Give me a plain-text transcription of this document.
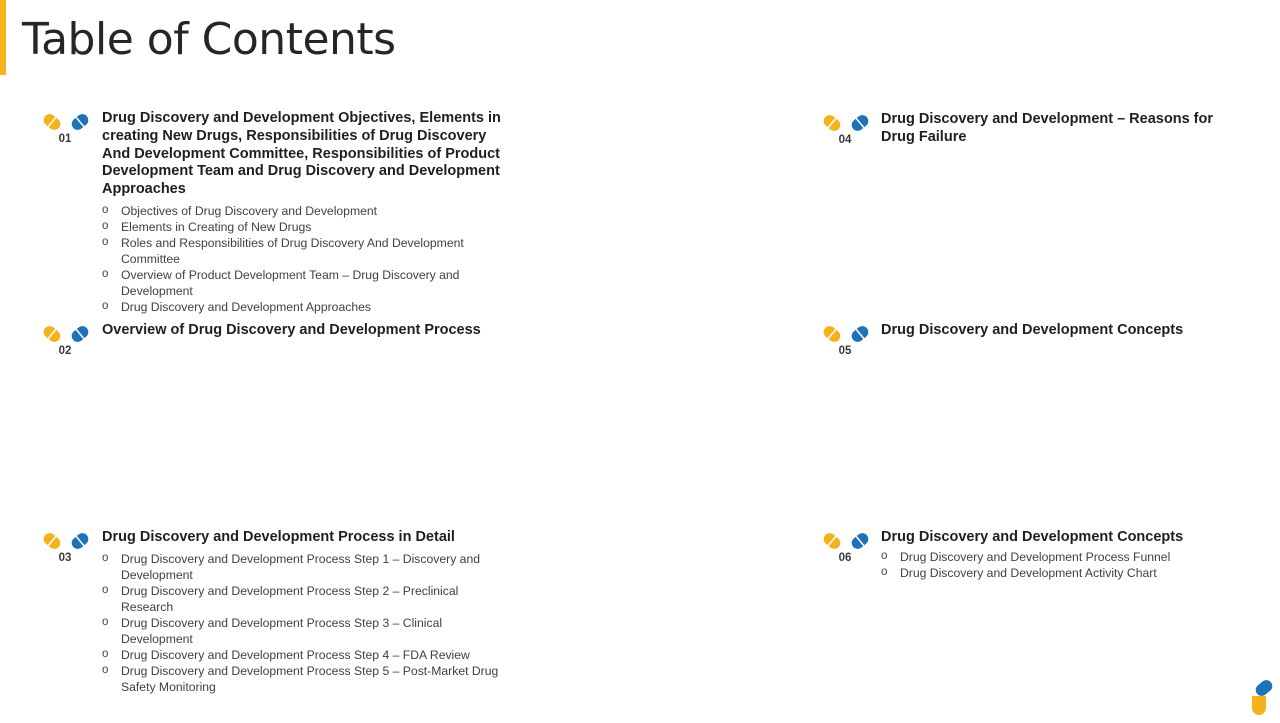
Table of Contents
01
Drug Discovery and Development Objectives, Elements in creating New Drugs, Responsibilities of Drug Discovery And Development Committee, Responsibilities of Product Development Team and Drug Discovery and Development Approaches
o Objectives of Drug Discovery and Development
o Elements in Creating of New Drugs
o Roles and Responsibilities of Drug Discovery And Development Committee
o Overview of Product Development Team – Drug Discovery and Development
o Drug Discovery and Development Approaches
02
Overview of Drug Discovery and Development Process
03
Drug Discovery and Development Process in Detail
o Drug Discovery and Development Process Step 1 – Discovery and Development
o Drug Discovery and Development Process Step 2 – Preclinical Research
o Drug Discovery and Development Process Step 3 – Clinical Development
o Drug Discovery and Development Process Step 4 – FDA Review
o Drug Discovery and Development Process Step 5 – Post-Market Drug Safety Monitoring
04
Drug Discovery and Development – Reasons for Drug Failure
05
Drug Discovery and Development Concepts
06
Drug Discovery and Development Concepts
o Drug Discovery and Development Process Funnel
o Drug Discovery and Development Activity Chart
